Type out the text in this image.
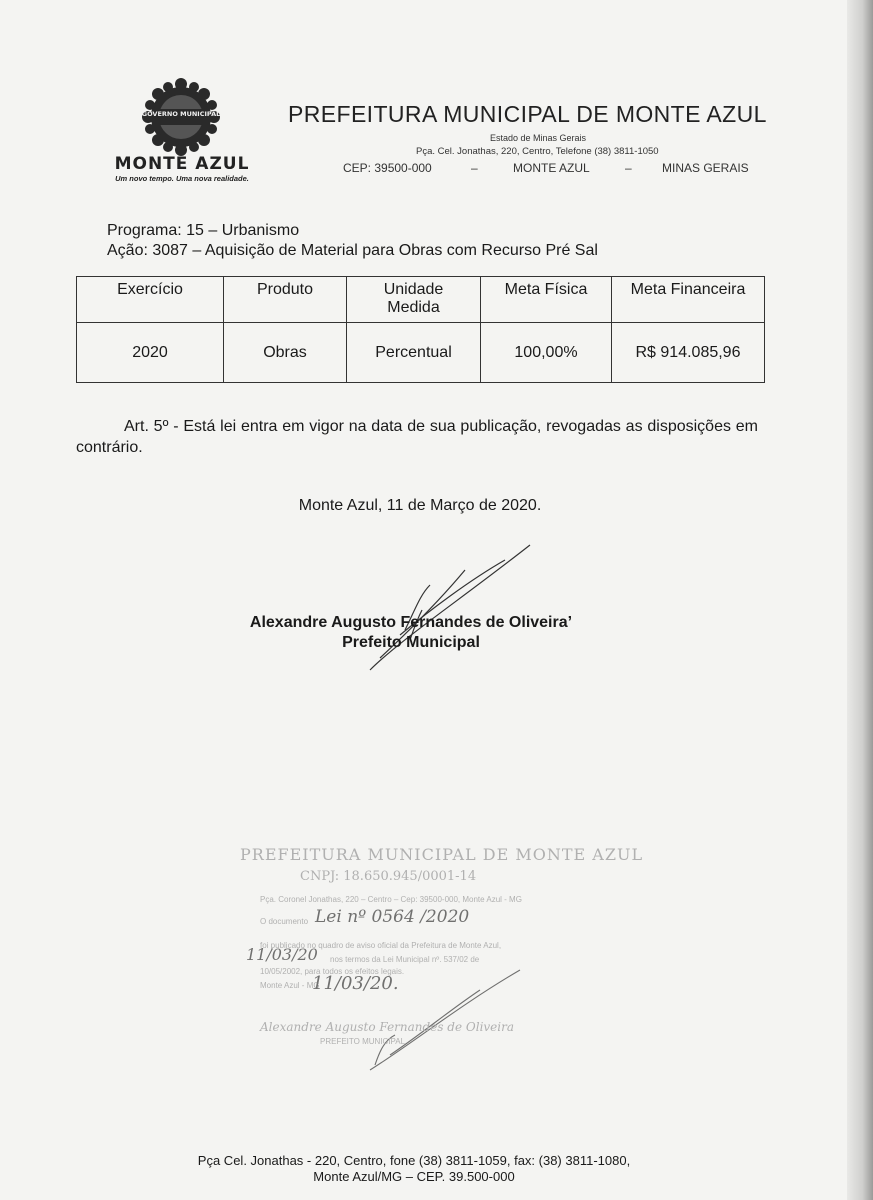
GOVERNO MUNICIPAL
MONTE AZUL
Um novo tempo. Uma nova realidade.
PREFEITURA MUNICIPAL DE MONTE AZUL
Estado de Minas Gerais
Pça. Cel. Jonathas, 220, Centro, Telefone (38) 3811-1050
CEP: 39500-000	–	MONTE AZUL	–	MINAS GERAIS
Programa: 15 – Urbanismo
Ação: 3087 – Aquisição de Material para Obras com Recurso Pré Sal
Exercício	Produto	Unidade Medida	Meta Física	Meta Financeira
2020	Obras	Percentual	100,00%	R$ 914.085,96
Art. 5º - Está lei entra em vigor na data de sua publicação, revogadas as disposições em contrário.
Monte Azul, 11 de Março de 2020.
Alexandre Augusto Fernandes de Oliveira’
Prefeito Municipal
PREFEITURA MUNICIPAL DE MONTE AZUL
CNPJ: 18.650.945/0001-14
Pça. Coronel Jonathas, 220 – Centro – Cep: 39500-000, Monte Azul - MG
O documento Lei nº 0564 /2020
foi publicado no quadro de aviso oficial da Prefeitura de Monte Azul,
11/03/20 nos termos da Lei Municipal nº. 537/02 de
10/05/2002, para todos os efeitos legais.
Monte Azul - MG
11/03/20.
Alexandre Augusto Fernandes de Oliveira
PREFEITO MUNICIPAL
Pça Cel. Jonathas - 220, Centro, fone (38) 3811-1059, fax: (38) 3811-1080,
Monte Azul/MG – CEP. 39.500-000
